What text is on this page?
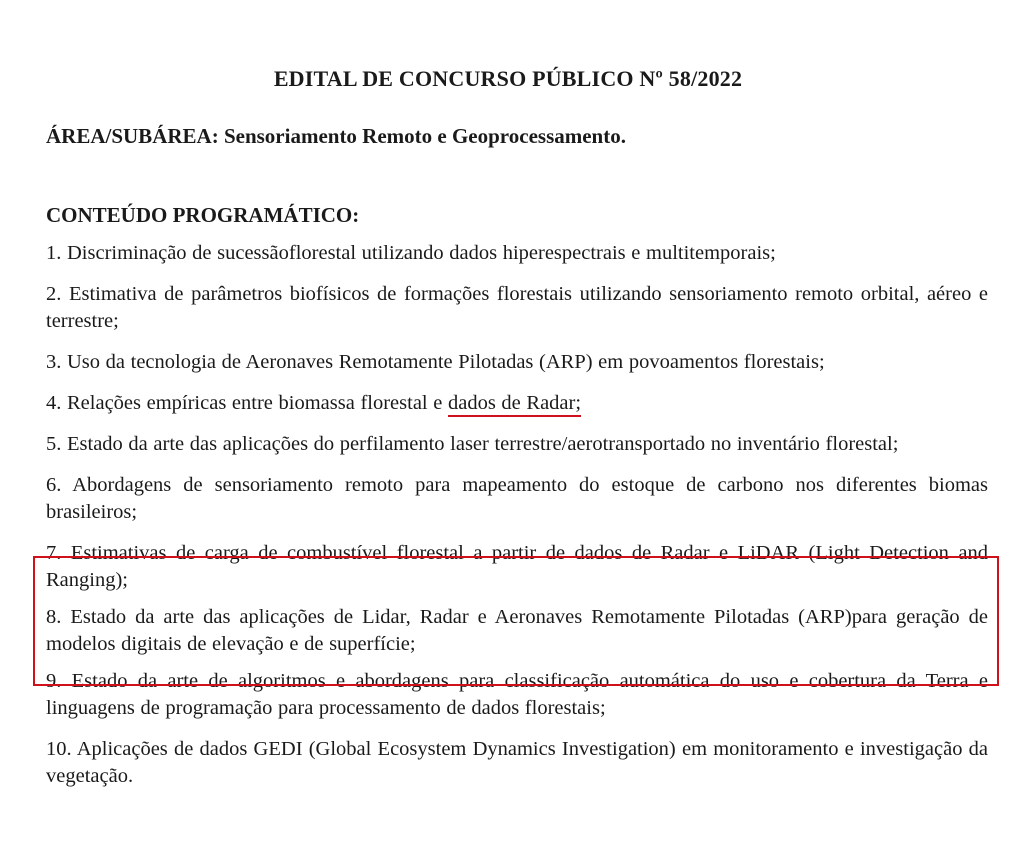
EDITAL DE CONCURSO PÚBLICO Nº 58/2022
ÁREA/SUBÁREA: Sensoriamento Remoto e Geoprocessamento.
CONTEÚDO PROGRAMÁTICO:
1. Discriminação de sucessãoflorestal utilizando dados hiperespectrais e multitemporais;
2. Estimativa de parâmetros biofísicos de formações florestais utilizando sensoriamento remoto orbital, aéreo e terrestre;
3. Uso da tecnologia de Aeronaves Remotamente Pilotadas (ARP) em povoamentos florestais;
4. Relações empíricas entre biomassa florestal e dados de Radar;
5. Estado da arte das aplicações do perfilamento laser terrestre/aerotransportado no inventário florestal;
6. Abordagens de sensoriamento remoto para mapeamento do estoque de carbono nos diferentes biomas brasileiros;
7. Estimativas de carga de combustível florestal a partir de dados de Radar e LiDAR (Light Detection and Ranging);
8. Estado da arte das aplicações de Lidar, Radar e Aeronaves Remotamente Pilotadas (ARP)para geração de modelos digitais de elevação e de superfície;
9. Estado da arte de algoritmos e abordagens para classificação automática do uso e cobertura da Terra e linguagens de programação para processamento de dados florestais;
10. Aplicações de dados GEDI (Global Ecosystem Dynamics Investigation) em monitoramento e investigação da vegetação.
